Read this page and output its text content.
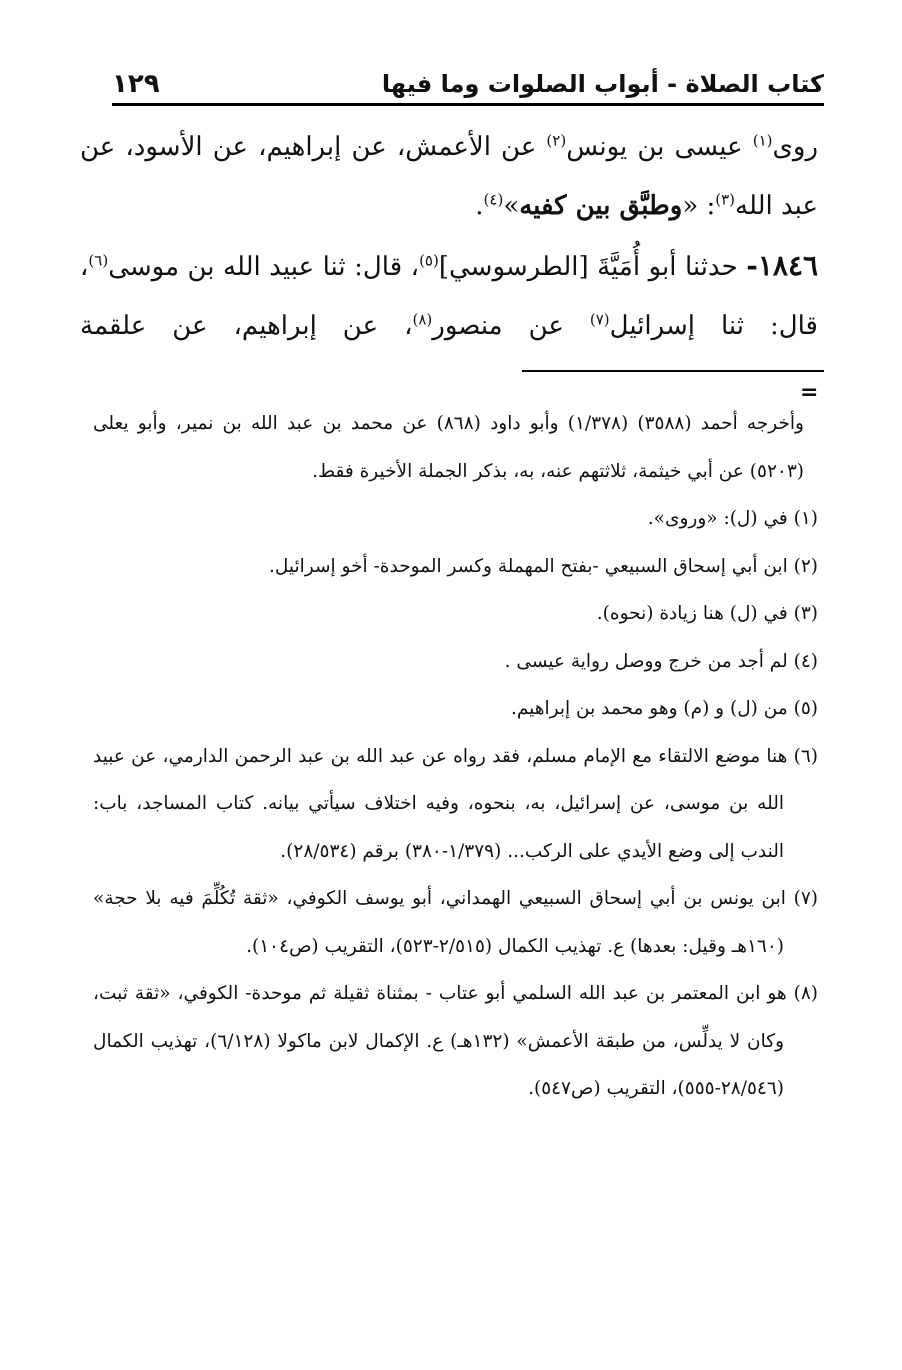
كتاب الصلاة - أبواب الصلوات وما فيها
١٢٩

روى$^{(١)}$ عيسى بن يونس$^{(٢)}$ عن الأعمش، عن إبراهيم، عن الأسود، عن عبد الله$^{(٣)}$: «وطبَّق بين كفيه»$^{(٤)}$.

١٨٤٦- حدثنا أبو أُمَيَّةَ [الطرسوسي]$^{(٥)}$، قال: ثنا عبيد الله بن موسى$^{(٦)}$، قال: ثنا إسرائيل$^{(٧)}$ عن منصور$^{(٨)}$، عن إبراهيم، عن علقمة

=

وأخرجه أحمد (٣٥٨٨) (١/٣٧٨) وأبو داود (٨٦٨) عن محمد بن عبد الله بن نمير، وأبو يعلى (٥٢٠٣) عن أبي خيثمة، ثلاثتهم عنه، به، بذكر الجملة الأخيرة فقط.

(١) في (ل): «وروى».

(٢) ابن أبي إسحاق السبيعي -بفتح المهملة وكسر الموحدة- أخو إسرائيل.

(٣) في (ل) هنا زيادة (نحوه).

(٤) لم أجد من خرج ووصل رواية عيسى .

(٥) من (ل) و (م) وهو محمد بن إبراهيم.

(٦) هنا موضع الالتقاء مع الإمام مسلم، فقد رواه عن عبد الله بن عبد الرحمن الدارمي، عن عبيد الله بن موسى، عن إسرائيل، به، بنحوه، وفيه اختلاف سيأتي بيانه. كتاب المساجد، باب: الندب إلى وضع الأيدي على الركب... (١/٣٧٩-٣٨٠) برقم (٢٨/٥٣٤).

(٧) ابن يونس بن أبي إسحاق السبيعي الهمداني، أبو يوسف الكوفي، «ثقة تُكُلِّمَ فيه بلا حجة» (١٦٠هـ وقيل: بعدها) ع. تهذيب الكمال (٢/٥١٥-٥٢٣)، التقريب (ص١٠٤).

(٨) هو ابن المعتمر بن عبد الله السلمي أبو عتاب - بمثناة ثقيلة ثم موحدة- الكوفي، «ثقة ثبت، وكان لا يدلِّس، من طبقة الأعمش» (١٣٢هـ) ع. الإكمال لابن ماكولا (٦/١٢٨)، تهذيب الكمال (٢٨/٥٤٦-٥٥٥)، التقريب (ص٥٤٧).
